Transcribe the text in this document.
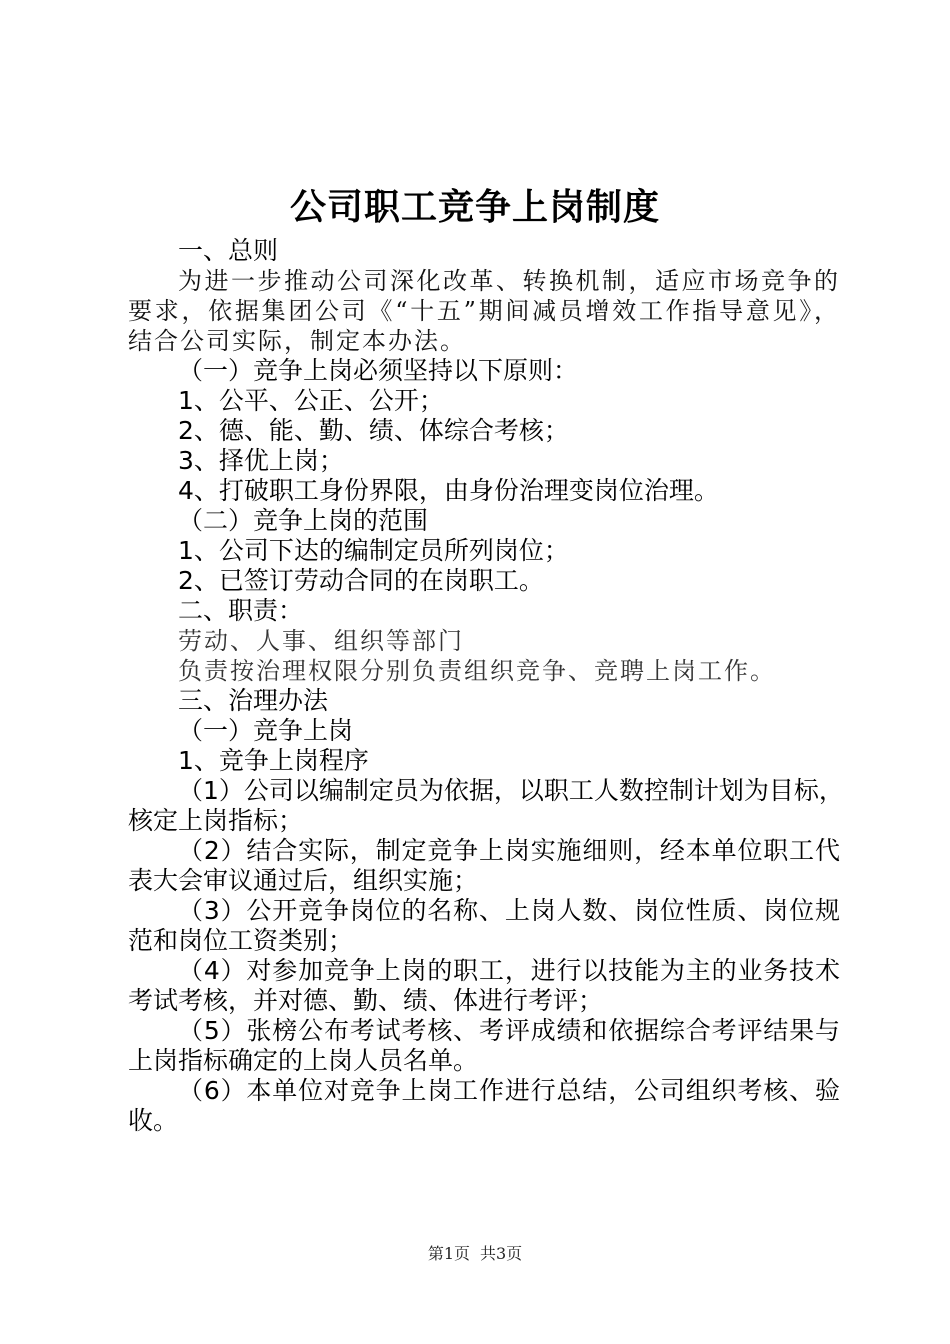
公司职工竞争上岗制度
一、总则
为进一步推动公司深化改革、转换机制，适应市场竞争的
要求，依据集团公司《“十五”期间减员增效工作指导意见》，
结合公司实际，制定本办法。
（一）竞争上岗必须坚持以下原则：
1、公平、公正、公开；
2、德、能、勤、绩、体综合考核；
3、择优上岗；
4、打破职工身份界限，由身份治理变岗位治理。
（二）竞争上岗的范围
1、公司下达的编制定员所列岗位；
2、已签订劳动合同的在岗职工。
二、职责：
劳动、人事、组织等部门
负责按治理权限分别负责组织竞争、竞聘上岗工作。
三、治理办法
（一）竞争上岗
1、竞争上岗程序
（1）公司以编制定员为依据，以职工人数控制计划为目标，
核定上岗指标；
（2）结合实际，制定竞争上岗实施细则，经本单位职工代
表大会审议通过后，组织实施；
（3）公开竞争岗位的名称、上岗人数、岗位性质、岗位规
范和岗位工资类别；
（4）对参加竞争上岗的职工，进行以技能为主的业务技术
考试考核，并对德、勤、绩、体进行考评；
（5）张榜公布考试考核、考评成绩和依据综合考评结果与
上岗指标确定的上岗人员名单。
（6）本单位对竞争上岗工作进行总结，公司组织考核、验
收。
第1页 共3页
